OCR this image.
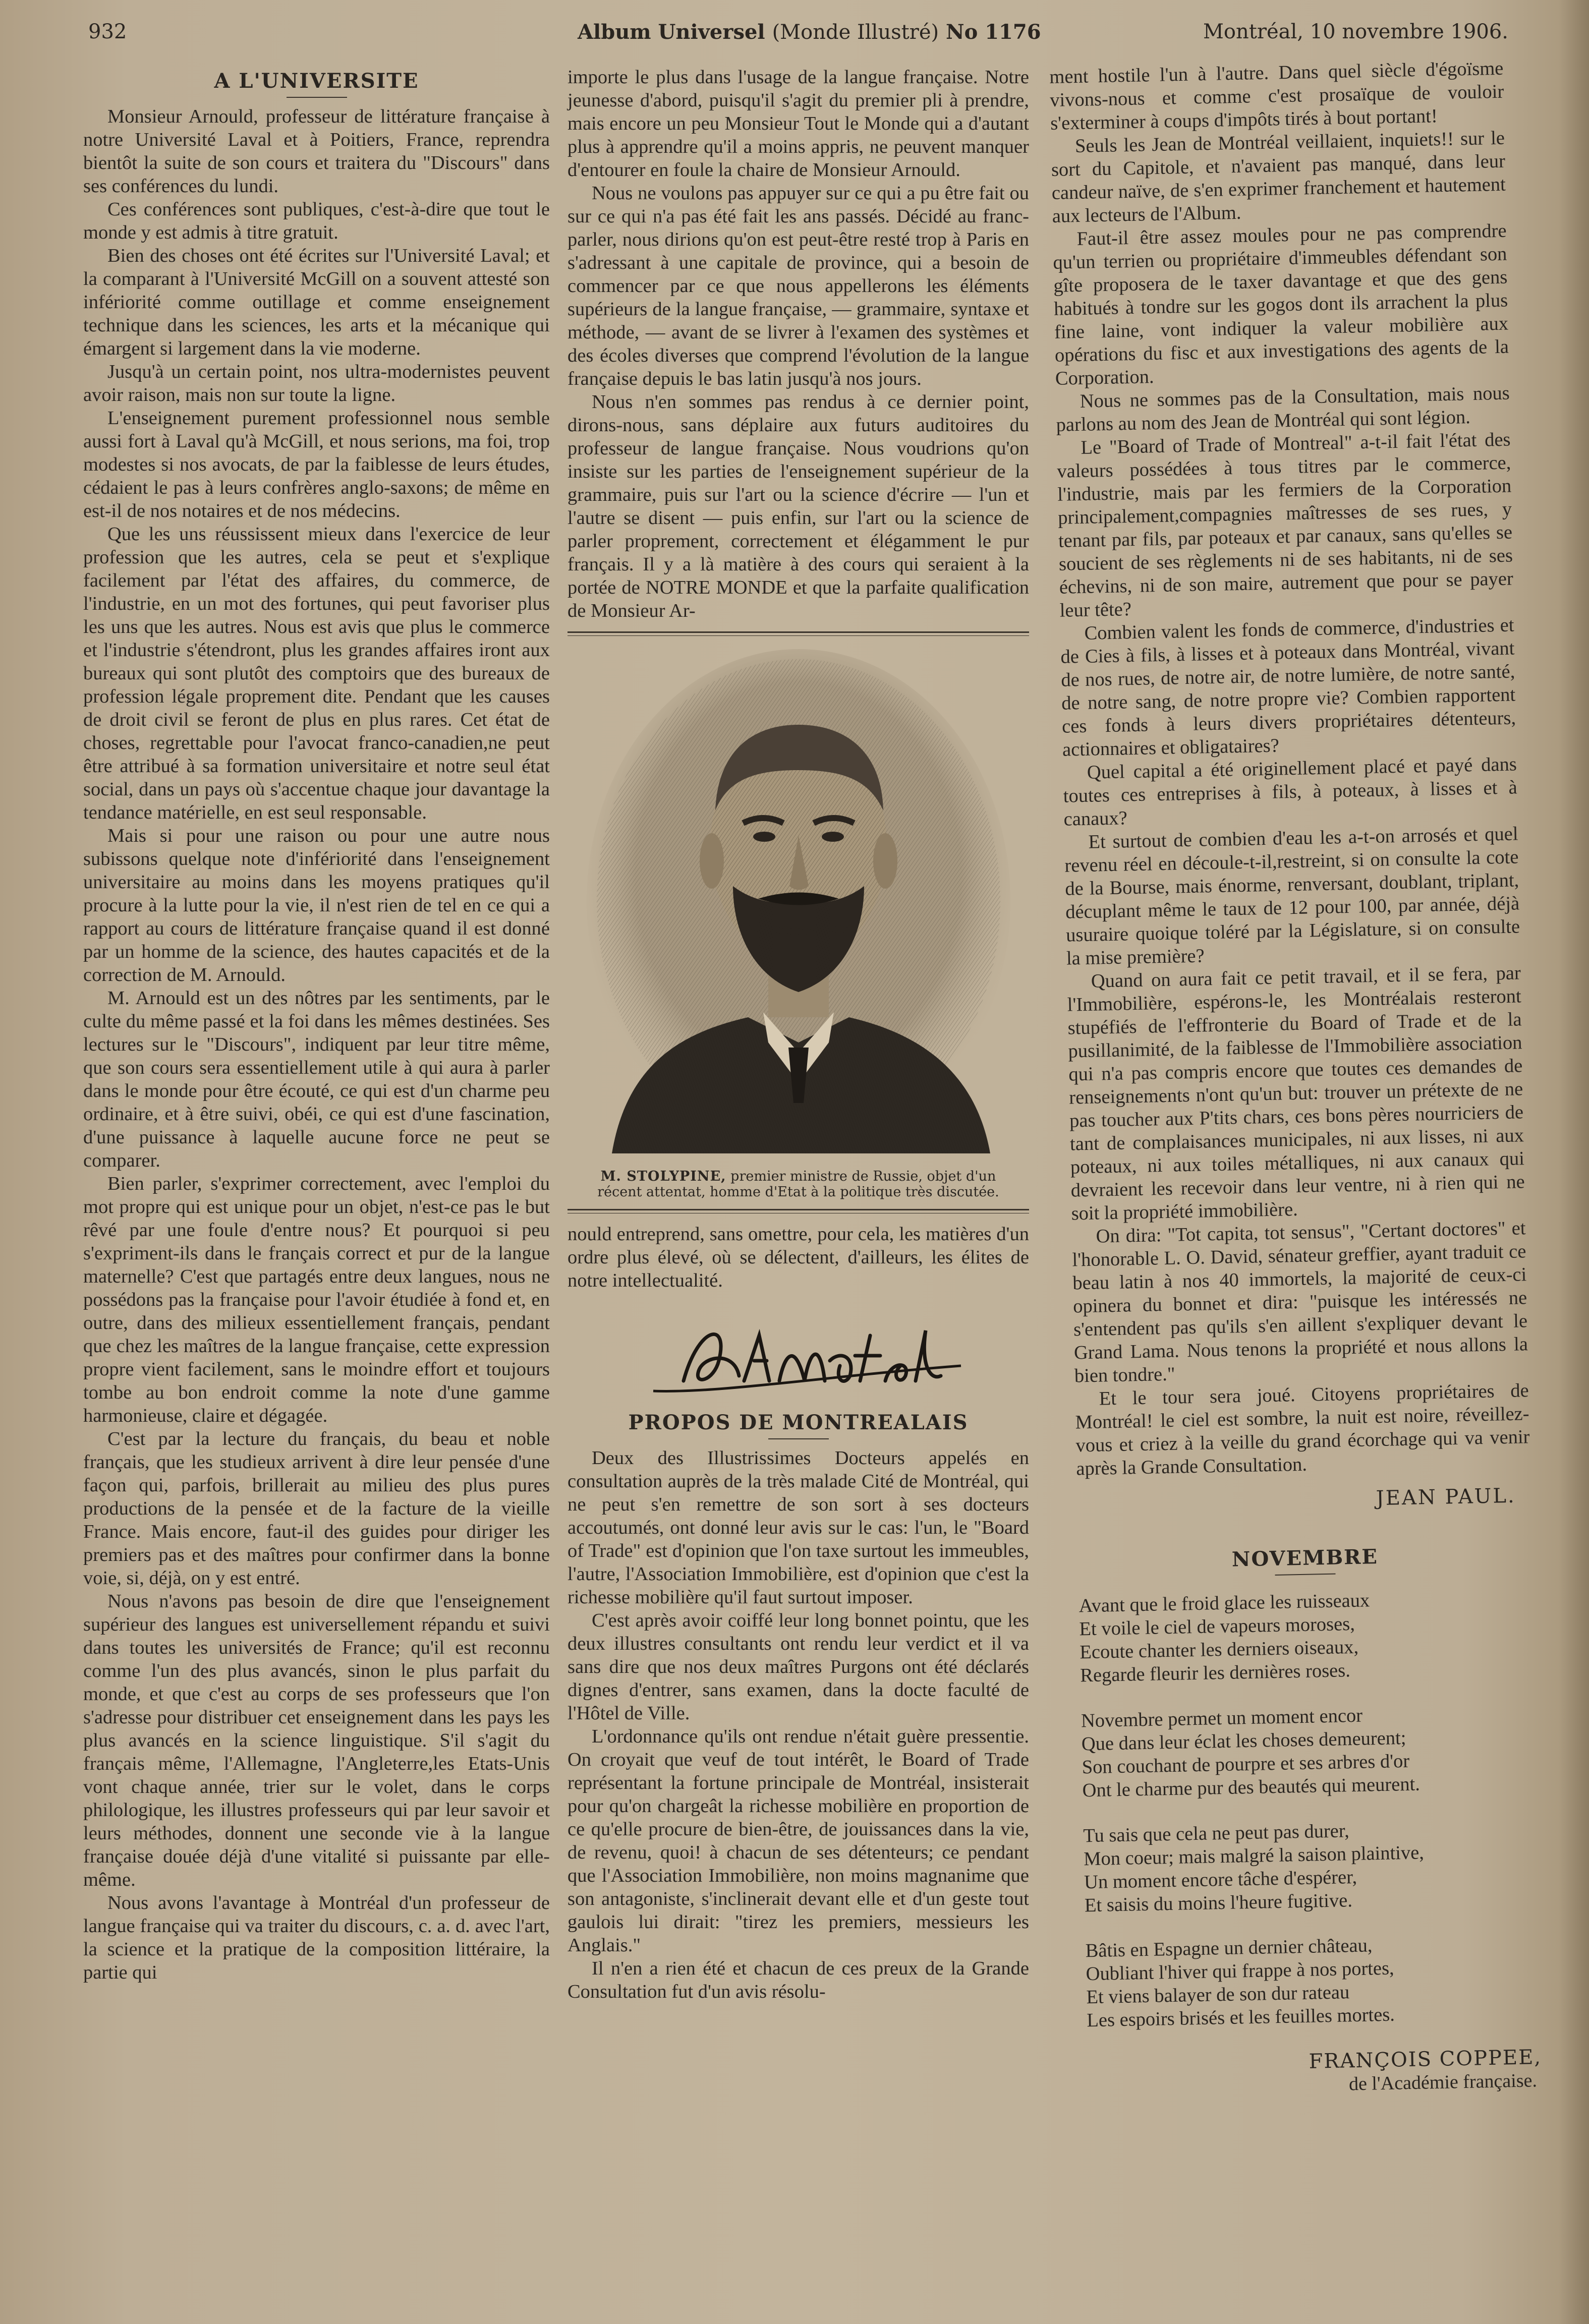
932	Album Universel (Monde Illustré) No 1176	Montréal, 10 novembre 1906.
A L'UNIVERSITE

Monsieur Arnould, professeur de littérature française à notre Université Laval et à Poitiers, France, reprendra bientôt la suite de son cours et traitera du "Discours" dans ses conférences du lundi.

Ces conférences sont publiques, c'est-à-dire que tout le monde y est admis à titre gratuit.

Bien des choses ont été écrites sur l'Université Laval; et la comparant à l'Université McGill on a souvent attesté son infériorité comme outillage et comme enseignement technique dans les sciences, les arts et la mécanique qui émargent si largement dans la vie moderne.

Jusqu'à un certain point, nos ultra-modernistes peuvent avoir raison, mais non sur toute la ligne.

L'enseignement purement professionnel nous semble aussi fort à Laval qu'à McGill, et nous serions, ma foi, trop modestes si nos avocats, de par la faiblesse de leurs études, cédaient le pas à leurs confrères anglo-saxons; de même en est-il de nos notaires et de nos médecins.

Que les uns réussissent mieux dans l'exercice de leur profession que les autres, cela se peut et s'explique facilement par l'état des affaires, du commerce, de l'industrie, en un mot des fortunes, qui peut favoriser plus les uns que les autres. Nous est avis que plus le commerce et l'industrie s'étendront, plus les grandes affaires iront aux bureaux qui sont plutôt des comptoirs que des bureaux de profession légale proprement dite. Pendant que les causes de droit civil se feront de plus en plus rares. Cet état de choses, regrettable pour l'avocat franco-canadien,ne peut être attribué à sa formation universitaire et notre seul état social, dans un pays où s'accentue chaque jour davantage la tendance matérielle, en est seul responsable.

Mais si pour une raison ou pour une autre nous subissons quelque note d'infériorité dans l'enseignement universitaire au moins dans les moyens pratiques qu'il procure à la lutte pour la vie, il n'est rien de tel en ce qui a rapport au cours de littérature française quand il est donné par un homme de la science, des hautes capacités et de la correction de M. Arnould.

M. Arnould est un des nôtres par les sentiments, par le culte du même passé et la foi dans les mêmes destinées. Ses lectures sur le "Discours", indiquent par leur titre même, que son cours sera essentiellement utile à qui aura à parler dans le monde pour être écouté, ce qui est d'un charme peu ordinaire, et à être suivi, obéi, ce qui est d'une fascination, d'une puissance à laquelle aucune force ne peut se comparer.

Bien parler, s'exprimer correctement, avec l'emploi du mot propre qui est unique pour un objet, n'est-ce pas le but rêvé par une foule d'entre nous? Et pourquoi si peu s'expriment-ils dans le français correct et pur de la langue maternelle? C'est que partagés entre deux langues, nous ne possédons pas la française pour l'avoir étudiée à fond et, en outre, dans des milieux essentiellement français, pendant que chez les maîtres de la langue française, cette expression propre vient facilement, sans le moindre effort et toujours tombe au bon endroit comme la note d'une gamme harmonieuse, claire et dégagée.

C'est par la lecture du français, du beau et noble français, que les studieux arrivent à dire leur pensée d'une façon qui, parfois, brillerait au milieu des plus pures productions de la pensée et de la facture de la vieille France. Mais encore, faut-il des guides pour diriger les premiers pas et des maîtres pour confirmer dans la bonne voie, si, déjà, on y est entré.

Nous n'avons pas besoin de dire que l'enseignement supérieur des langues est universellement répandu et suivi dans toutes les universités de France; qu'il est reconnu comme l'un des plus avancés, sinon le plus parfait du monde, et que c'est au corps de ses professeurs que l'on s'adresse pour distribuer cet enseignement dans les pays les plus avancés en la science linguistique. S'il s'agit du français même, l'Allemagne, l'Angleterre,les Etats-Unis vont chaque année, trier sur le volet, dans le corps philologique, les illustres professeurs qui par leur savoir et leurs méthodes, donnent une seconde vie à la langue française douée déjà d'une vitalité si puissante par elle-même.

Nous avons l'avantage à Montréal d'un professeur de langue française qui va traiter du discours, c. a. d. avec l'art, la science et la pratique de la composition littéraire, la partie qui

importe le plus dans l'usage de la langue française. Notre jeunesse d'abord, puisqu'il s'agit du premier pli à prendre, mais encore un peu Monsieur Tout le Monde qui a d'autant plus à apprendre qu'il a moins appris, ne peuvent manquer d'entourer en foule la chaire de Monsieur Arnould.

Nous ne voulons pas appuyer sur ce qui a pu être fait ou sur ce qui n'a pas été fait les ans passés. Décidé au franc-parler, nous dirions qu'on est peut-être resté trop à Paris en s'adressant à une capitale de province, qui a besoin de commencer par ce que nous appellerons les éléments supérieurs de la langue française, — grammaire, syntaxe et méthode, — avant de se livrer à l'examen des systèmes et des écoles diverses que comprend l'évolution de la langue française depuis le bas latin jusqu'à nos jours.

Nous n'en sommes pas rendus à ce dernier point, dirons-nous, sans déplaire aux futurs auditoires du professeur de langue française. Nous voudrions qu'on insiste sur les parties de l'enseignement supérieur de la grammaire, puis sur l'art ou la science d'écrire — l'un et l'autre se disent — puis enfin, sur l'art ou la science de parler proprement, correctement et élégamment le pur français. Il y a là matière à des cours qui seraient à la portée de NOTRE MONDE et que la parfaite qualification de Monsieur Ar-

M. STOLYPINE, premier ministre de Russie, objet d'un récent attentat, homme d'Etat à la politique très discutée.

nould entreprend, sans omettre, pour cela, les matières d'un ordre plus élevé, où se délectent, d'ailleurs, les élites de notre intellectualité.

PROPOS DE MONTREALAIS

Deux des Illustrissimes Docteurs appelés en consultation auprès de la très malade Cité de Montréal, qui ne peut s'en remettre de son sort à ses docteurs accoutumés, ont donné leur avis sur le cas: l'un, le "Board of Trade" est d'opinion que l'on taxe surtout les immeubles, l'autre, l'Association Immobilière, est d'opinion que c'est la richesse mobilière qu'il faut surtout imposer.

C'est après avoir coiffé leur long bonnet pointu, que les deux illustres consultants ont rendu leur verdict et il va sans dire que nos deux maîtres Purgons ont été déclarés dignes d'entrer, sans examen, dans la docte faculté de l'Hôtel de Ville.

L'ordonnance qu'ils ont rendue n'était guère pressentie. On croyait que veuf de tout intérêt, le Board of Trade représentant la fortune principale de Montréal, insisterait pour qu'on chargeât la richesse mobilière en proportion de ce qu'elle procure de bien-être, de jouissances dans la vie, de revenu, quoi! à chacun de ses détenteurs; ce pendant que l'Association Immobilière, non moins magnanime que son antagoniste, s'inclinerait devant elle et d'un geste tout gaulois lui dirait: "tirez les premiers, messieurs les Anglais."

Il n'en a rien été et chacun de ces preux de la Grande Consultation fut d'un avis résolu-

ment hostile l'un à l'autre. Dans quel siècle d'égoïsme vivons-nous et comme c'est prosaïque de vouloir s'exterminer à coups d'impôts tirés à bout portant!

Seuls les Jean de Montréal veillaient, inquiets!! sur le sort du Capitole, et n'avaient pas manqué, dans leur candeur naïve, de s'en exprimer franchement et hautement aux lecteurs de l'Album.

Faut-il être assez moules pour ne pas comprendre qu'un terrien ou propriétaire d'immeubles défendant son gîte proposera de le taxer davantage et que des gens habitués à tondre sur les gogos dont ils arrachent la plus fine laine, vont indiquer la valeur mobilière aux opérations du fisc et aux investigations des agents de la Corporation.

Nous ne sommes pas de la Consultation, mais nous parlons au nom des Jean de Montréal qui sont légion.

Le "Board of Trade of Montreal" a-t-il fait l'état des valeurs possédées à tous titres par le commerce, l'industrie, mais par les fermiers de la Corporation principalement,compagnies maîtresses de ses rues, y tenant par fils, par poteaux et par canaux, sans qu'elles se soucient de ses règlements ni de ses habitants, ni de ses échevins, ni de son maire, autrement que pour se payer leur tête?

Combien valent les fonds de commerce, d'industries et de Cies à fils, à lisses et à poteaux dans Montréal, vivant de nos rues, de notre air, de notre lumière, de notre santé, de notre sang, de notre propre vie? Combien rapportent ces fonds à leurs divers propriétaires détenteurs, actionnaires et obligataires?

Quel capital a été originellement placé et payé dans toutes ces entreprises à fils, à poteaux, à lisses et à canaux?

Et surtout de combien d'eau les a-t-on arrosés et quel revenu réel en découle-t-il,restreint, si on consulte la cote de la Bourse, mais énorme, renversant, doublant, triplant, décuplant même le taux de 12 pour 100, par année, déjà usuraire quoique toléré par la Législature, si on consulte la mise première?

Quand on aura fait ce petit travail, et il se fera, par l'Immobilière, espérons-le, les Montréalais resteront stupéfiés de l'effronterie du Board of Trade et de la pusillanimité, de la faiblesse de l'Immobilière association qui n'a pas compris encore que toutes ces demandes de renseignements n'ont qu'un but: trouver un prétexte de ne pas toucher aux P'tits chars, ces bons pères nourriciers de tant de complaisances municipales, ni aux lisses, ni aux poteaux, ni aux toiles métalliques, ni aux canaux qui devraient les recevoir dans leur ventre, ni à rien qui ne soit la propriété immobilière.

On dira: "Tot capita, tot sensus", "Certant doctores" et l'honorable L. O. David, sénateur greffier, ayant traduit ce beau latin à nos 40 immortels, la majorité de ceux-ci opinera du bonnet et dira: "puisque les intéressés ne s'entendent pas qu'ils s'en aillent s'expliquer devant le Grand Lama. Nous tenons la propriété et nous allons la bien tondre."

Et le tour sera joué. Citoyens propriétaires de Montréal! le ciel est sombre, la nuit est noire, réveillez-vous et criez à la veille du grand écorchage qui va venir après la Grande Consultation.

JEAN PAUL.
NOVEMBRE
Avant que le froid glace les ruisseaux
Et voile le ciel de vapeurs moroses,
Ecoute chanter les derniers oiseaux,
Regarde fleurir les dernières roses.
Novembre permet un moment encor
Que dans leur éclat les choses demeurent;
Son couchant de pourpre et ses arbres d'or
Ont le charme pur des beautés qui meurent.
Tu sais que cela ne peut pas durer,
Mon coeur; mais malgré la saison plaintive,
Un moment encore tâche d'espérer,
Et saisis du moins l'heure fugitive.
Bâtis en Espagne un dernier château,
Oubliant l'hiver qui frappe à nos portes,
Et viens balayer de son dur rateau
Les espoirs brisés et les feuilles mortes.
FRANÇOIS COPPEE,
de l'Académie française.
